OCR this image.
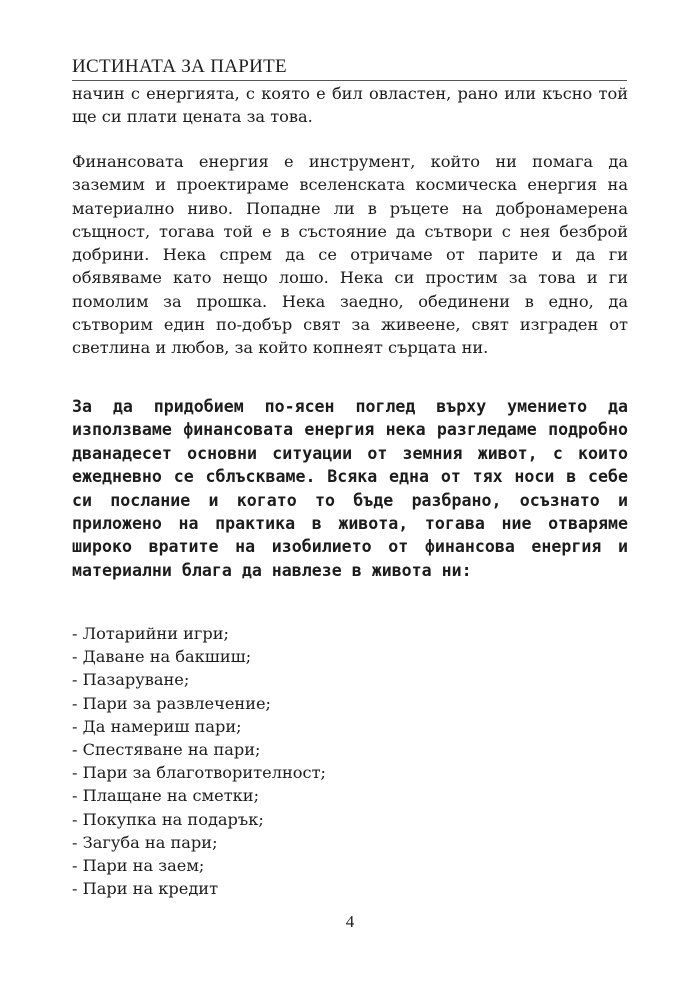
ИСТИНАТА ЗА ПАРИТЕ

начин с енергията, с която е бил овластен, рано или късно той ще си плати цената за това.

Финансовата енергия е инструмент, който ни помага да заземим и проектираме вселенската космическа енергия на материално ниво. Попадне ли в ръцете на добронамерена същност, тогава той е в състояние да сътвори с нея безброй добрини. Нека спрем да се отричаме от парите и да ги обявяваме като нещо лошо. Нека си простим за това и ги помолим за прошка. Нека заедно, обединени в едно, да сътворим един по-добър свят за живеене, свят изграден от светлина и любов, за който копнеят сърцата ни.

За да придобием по-ясен поглед върху умението да използваме финансовата енергия нека разгледаме подробно дванадесет основни ситуации от земния живот, с които ежедневно се сблъскваме. Всяка една от тях носи в себе си послание и когато то бъде разбрано, осъзнато и приложено на практика в живота, тогава ние отваряме широко вратите на изобилието от финансова енергия и материални блага да навлезе в живота ни:

- Лотарийни игри;
- Даване на бакшиш;
- Пазаруване;
- Пари за развлечение;
- Да намериш пари;
- Спестяване на пари;
- Пари за благотворителност;
- Плащане на сметки;
- Покупка на подарък;
- Загуба на пари;
- Пари на заем;
- Пари на кредит
4
